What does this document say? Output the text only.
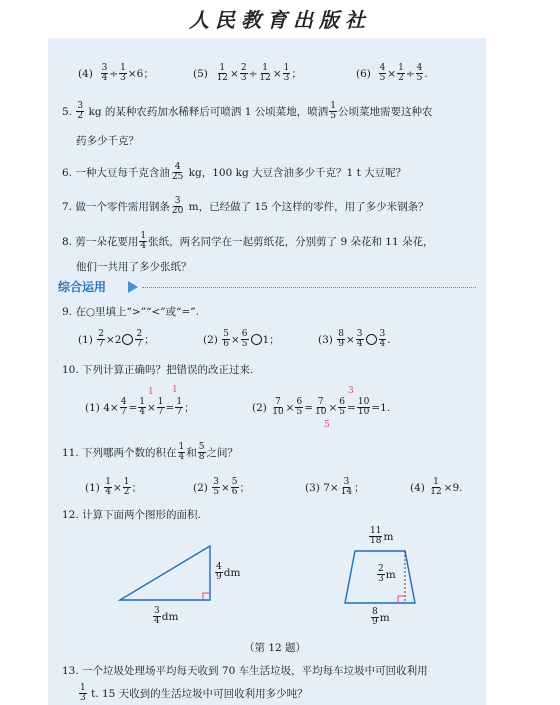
人民教育出版社
$(4) \frac{3}{4} \div \frac{1}{3} \times 6$；	$(5) \frac{1}{12} \times \frac{2}{3} \div \frac{1}{12} \times \frac{1}{3}$ ；	$(6) \frac{4}{5} \times \frac{1}{2} \div \frac{4}{5}$ .
5. $\frac{3}{2}$ kg 的某种农药加水稀释后可喷洒 1 公顷菜地，喷洒 $\frac{1}{5}$ 公顷菜地需要这种农
药多少千克？
6. 一种大豆每千克含油 $\frac{4}{25}$ kg，100 kg 大豆含油多少千克？1 t 大豆呢？
7. 做一个零件需用钢条 $\frac{3}{20}$ m，已经做了 15 个这样的零件，用了多少米钢条？
8. 剪一朵花要用 $\frac{1}{4}$ 张纸，两名同学在一起剪纸花，分别剪了 9 朵花和 11 朵花，
他们一共用了多少张纸？
综合运用
9. 在○里填上“>”“<”或“=”.
$(1) \frac{2}{7} \times 2 \frac{2}{7}$ ；	$(2) \frac{5}{6} \times \frac{6}{5} 1$；	$(3) \frac{8}{9} \times \frac{3}{4} \frac{3}{4}$ .
10. 下列计算正确吗？把错误的改正过来.
(1) $4\times \frac{4}{7} = \frac{1}{4} \times \frac{1}{7} = \frac{1}{7}$ ；
1 1
$(2) \frac{7}{10} \times \frac{6}{5} = \frac{7}{10} \times \frac{6}{5} = \frac{10}{10} =1$.
3
5
11. 下列哪两个数的积在 $\frac{1}{4}$ 和 $\frac{5}{8}$ 之间？
$(1) \frac{1}{4} \times \frac{1}{2}$ ；	$(2) \frac{3}{5} \times \frac{5}{6}$ ；	(3) $7\times \frac{3}{14}$ ；	$(4) \frac{1}{12} \times 9$.
12. 计算下面两个图形的面积.
$\frac{4}{9}$ dm
$\frac{3}{4}$ dm
$\frac{11}{18}$ m
$\frac{2}{3}$ m
$\frac{8}{9}$ m
（第 12 题）
13. 一个垃圾处理场平均每天收到 70 车生活垃圾，平均每车垃圾中可回收利用
$\frac{1}{3} t$. 15 天收到的生活垃圾中可回收利用多少吨？
